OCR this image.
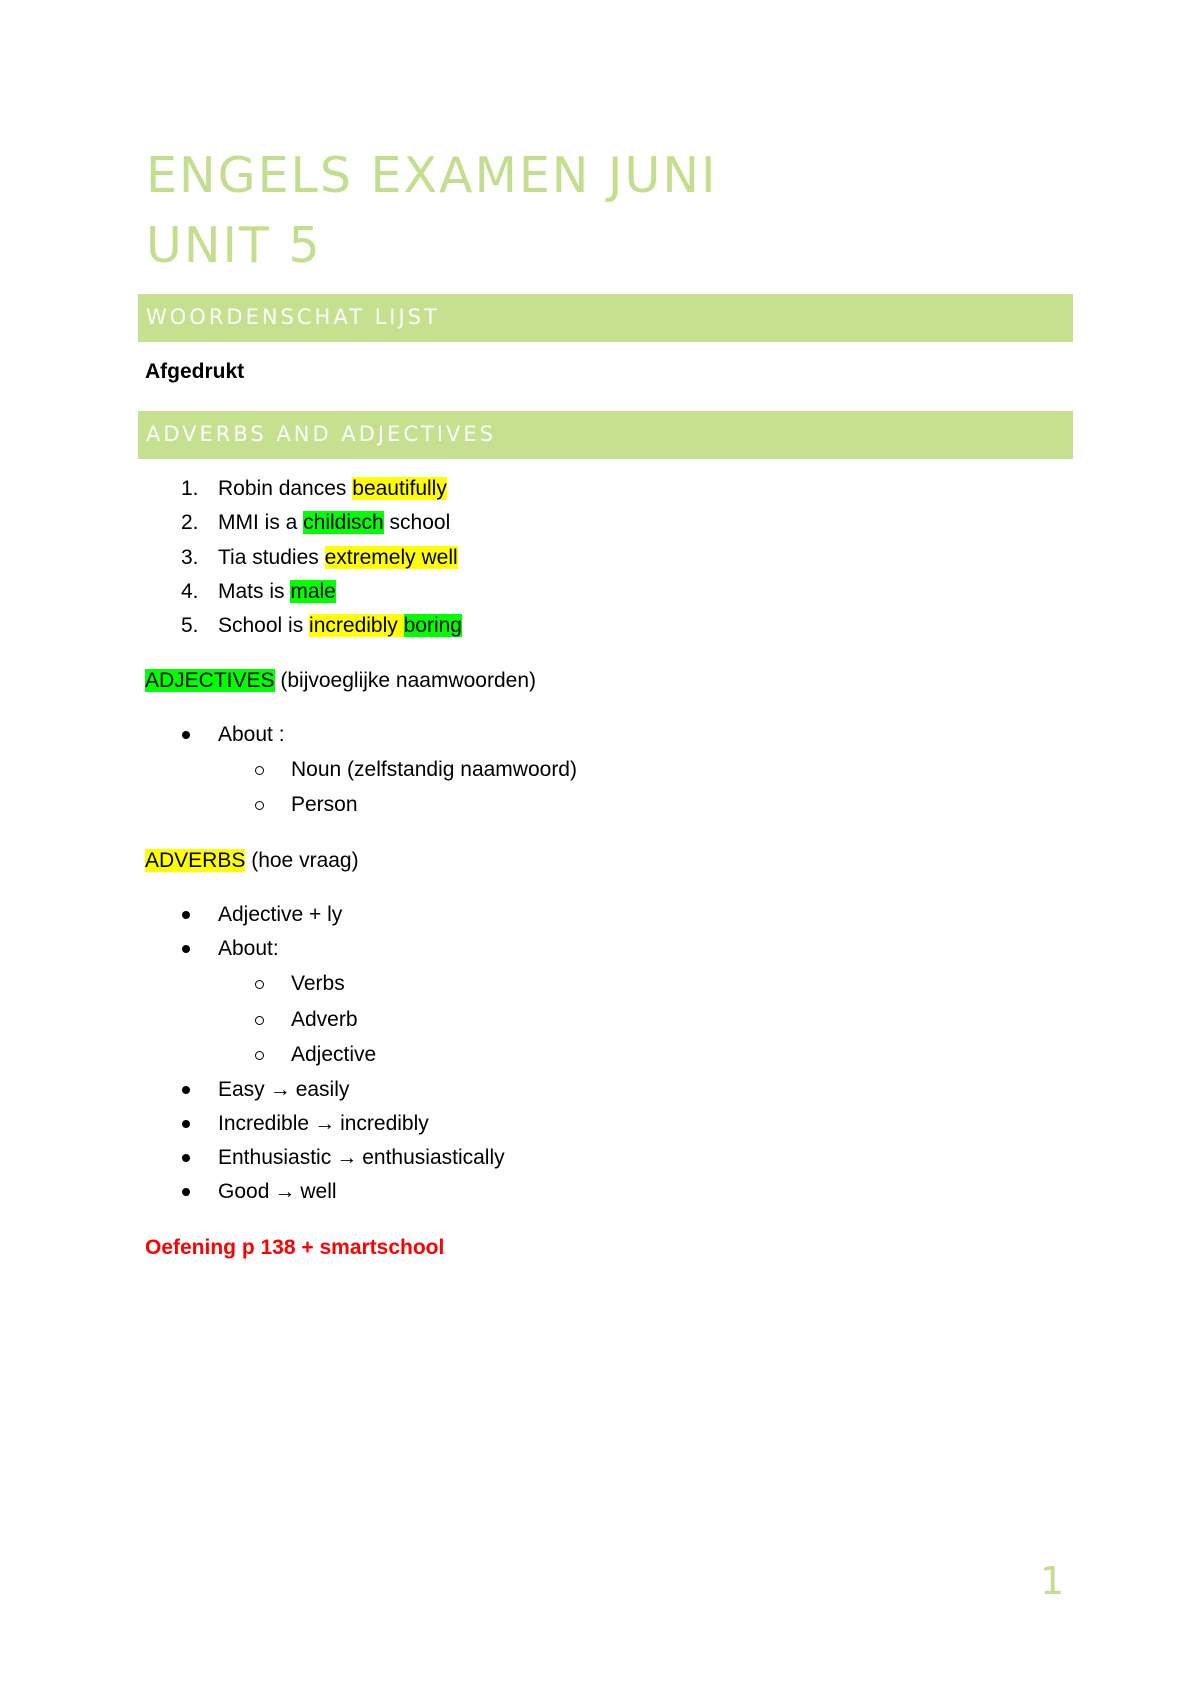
ENGELS EXAMEN JUNI
UNIT 5
WOORDENSCHAT LIJST
Afgedrukt
ADVERBS AND ADJECTIVES
1. Robin dances beautifully
2. MMI is a childisch school
3. Tia studies extremely well
4. Mats is male
5. School is incredibly boring
ADJECTIVES (bijvoeglijke naamwoorden)
About :
Noun (zelfstandig naamwoord)
Person
ADVERBS (hoe vraag)
Adjective + ly
About:
Verbs
Adverb
Adjective
Easy → easily
Incredible → incredibly
Enthusiastic → enthusiastically
Good → well
Oefening p 138 + smartschool
1
